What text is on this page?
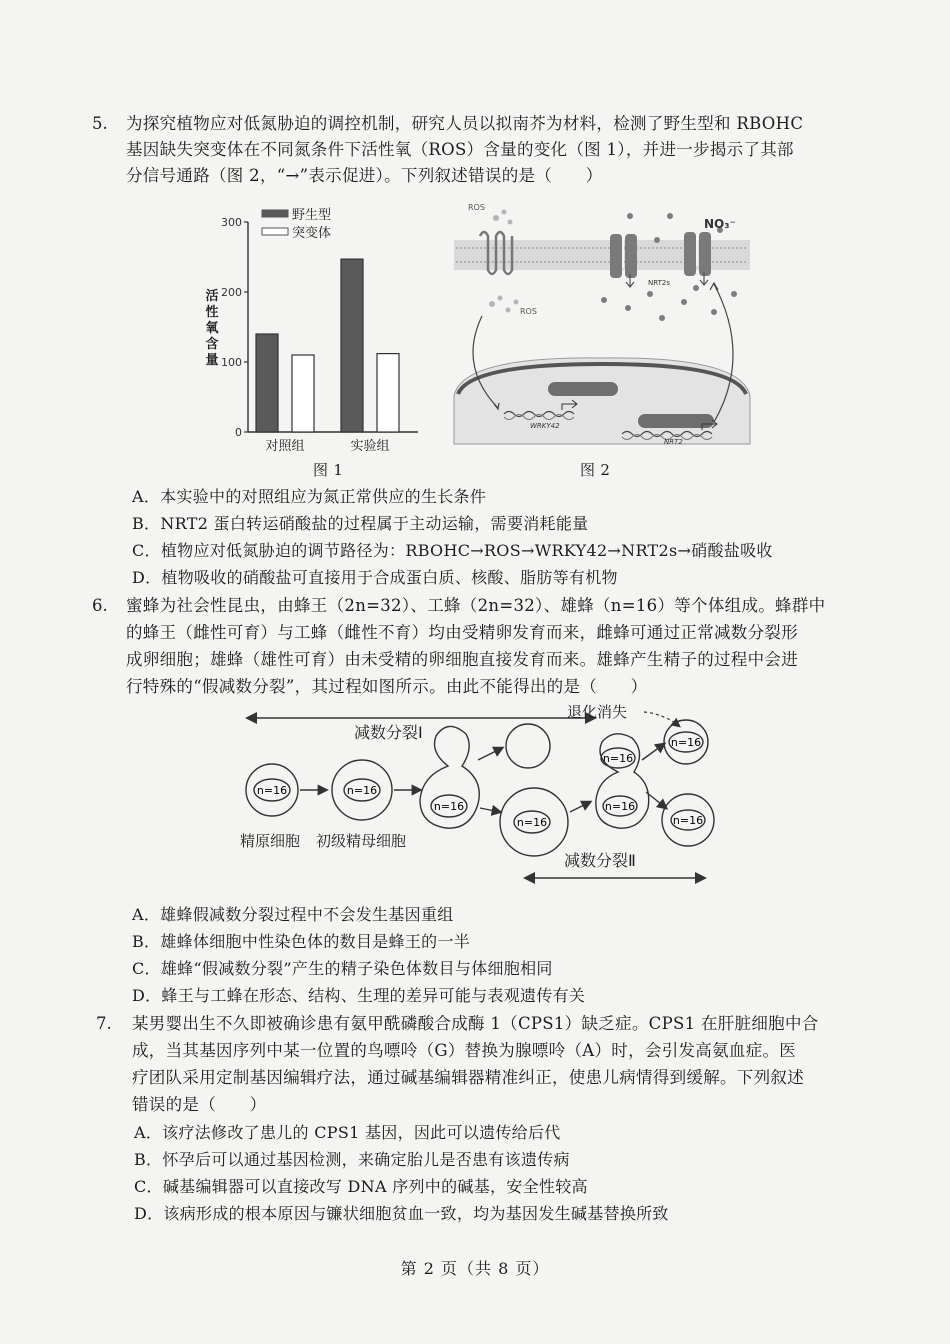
5. 为探究植物应对低氮胁迫的调控机制，研究人员以拟南芥为材料，检测了野生型和 RBOHC
基因缺失突变体在不同氮条件下活性氧（ROS）含量的变化（图 1），并进一步揭示了其部
分信号通路（图 2，“→”表示促进）。下列叙述错误的是（　　）
0
100
200
300
活
性
氧
含
量
对照组	实验组
野生型
突变体
图 1
ROS
ROS
NO₃⁻
NRT2s
WRKY42
NRT2
图 2
A．本实验中的对照组应为氮正常供应的生长条件
B．NRT2 蛋白转运硝酸盐的过程属于主动运输，需要消耗能量
C．植物应对低氮胁迫的调节路径为：RBOHC→ROS→WRKY42→NRT2s→硝酸盐吸收
D．植物吸收的硝酸盐可直接用于合成蛋白质、核酸、脂肪等有机物
6. 蜜蜂为社会性昆虫，由蜂王（2n=32）、工蜂（2n=32）、雄蜂（n=16）等个体组成。蜂群中
的蜂王（雌性可育）与工蜂（雌性不育）均由受精卵发育而来，雌蜂可通过正常减数分裂形
成卵细胞；雄蜂（雄性可育）由未受精的卵细胞直接发育而来。雄蜂产生精子的过程中会进
行特殊的“假减数分裂”，其过程如图所示。由此不能得出的是（　　）
减数分裂Ⅰ
退化消失
n=16	n=16
n=16
n=16
n=16
n=16
n=16
n=16
精原细胞 初级精母细胞
减数分裂Ⅱ
A．雄蜂假减数分裂过程中不会发生基因重组
B．雄蜂体细胞中性染色体的数目是蜂王的一半
C．雄蜂“假减数分裂”产生的精子染色体数目与体细胞相同
D．蜂王与工蜂在形态、结构、生理的差异可能与表观遗传有关
7. 某男婴出生不久即被确诊患有氨甲酰磷酸合成酶 1（CPS1）缺乏症。CPS1 在肝脏细胞中合
成，当其基因序列中某一位置的鸟嘌呤（G）替换为腺嘌呤（A）时，会引发高氨血症。医
疗团队采用定制基因编辑疗法，通过碱基编辑器精准纠正，使患儿病情得到缓解。下列叙述
错误的是（　　）
A．该疗法修改了患儿的 CPS1 基因，因此可以遗传给后代
B．怀孕后可以通过基因检测，来确定胎儿是否患有该遗传病
C．碱基编辑器可以直接改写 DNA 序列中的碱基，安全性较高
D．该病形成的根本原因与镰状细胞贫血一致，均为基因发生碱基替换所致
第 2 页（共 8 页）
